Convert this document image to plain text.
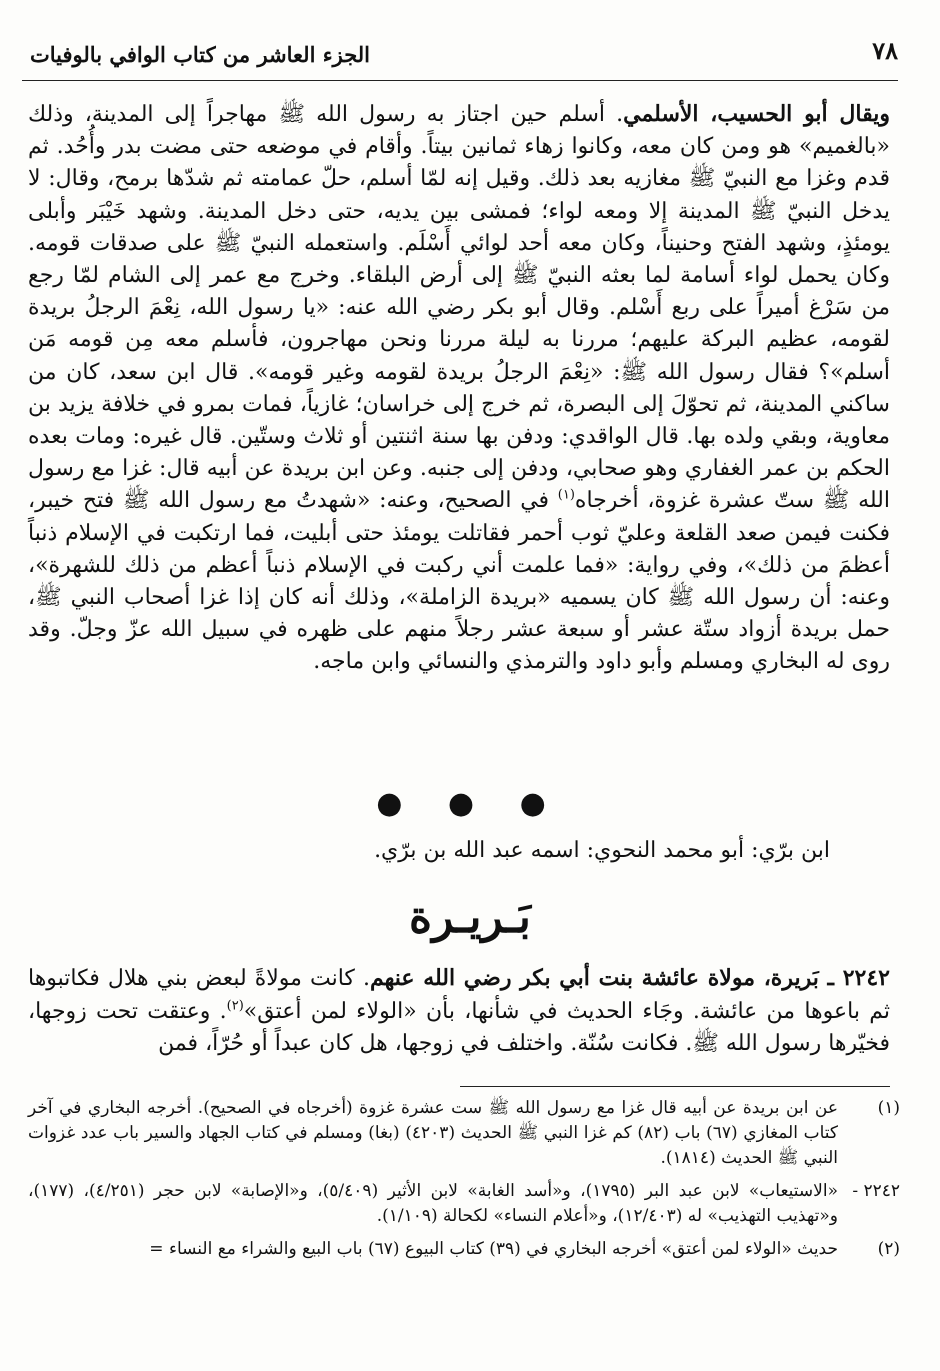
٧٨
الجزء العاشر من كتاب الوافي بالوفيات

ويقال أبو الحسيب، الأسلمي. أسلم حين اجتاز به رسول الله ﷺ مهاجراً إلى المدينة، وذلك «بالغميم» هو ومن كان معه، وكانوا زهاء ثمانين بيتاً. وأقام في موضعه حتى مضت بدر وأُحُد. ثم قدم وغزا مع النبيّ ﷺ مغازيه بعد ذلك. وقيل إنه لمّا أسلم، حلّ عمامته ثم شدّها برمح، وقال: لا يدخل النبيّ ﷺ المدينة إلا ومعه لواء؛ فمشى بين يديه، حتى دخل المدينة. وشهد خَيْبَر وأبلى يومئذٍ، وشهد الفتح وحنيناً، وكان معه أحد لوائي أَسْلَم. واستعمله النبيّ ﷺ على صدقات قومه. وكان يحمل لواء أسامة لما بعثه النبيّ ﷺ إلى أرض البلقاء. وخرج مع عمر إلى الشام لمّا رجع من سَرْغ أميراً على ربع أَسْلم. وقال أبو بكر رضي الله عنه: «يا رسول الله، نِعْمَ الرجلُ بريدة لقومه، عظيم البركة عليهم؛ مررنا به ليلة مررنا ونحن مهاجرون، فأسلم معه مِن قومه مَن أسلم»؟ فقال رسول الله ﷺ: «نِعْمَ الرجلُ بريدة لقومه وغير قومه». قال ابن سعد، كان من ساكني المدينة، ثم تحوّلَ إلى البصرة، ثم خرج إلى خراسان؛ غازياً، فمات بمرو في خلافة يزيد بن معاوية، وبقي ولده بها. قال الواقدي: ودفن بها سنة اثنتين أو ثلاث وستّين. قال غيره: ومات بعده الحكم بن عمر الغفاري وهو صحابي، ودفن إلى جنبه. وعن ابن بريدة عن أبيه قال: غزا مع رسول الله ﷺ ستّ عشرة غزوة، أخرجاه$^{(١)}$ في الصحيح، وعنه: «شهدتُ مع رسول الله ﷺ فتح خيبر، فكنت فيمن صعد القلعة وعليّ ثوب أحمر فقاتلت يومئذ حتى أبليت، فما ارتكبت في الإسلام ذنباً أعظمَ من ذلك»، وفي رواية: «فما علمت أني ركبت في الإسلام ذنباً أعظم من ذلك للشهرة»، وعنه: أن رسول الله ﷺ كان يسميه «بريدة الزاملة»، وذلك أنه كان إذا غزا أصحاب النبي ﷺ، حمل بريدة أزواد ستّة عشر أو سبعة عشر رجلاً منهم على ظهره في سبيل الله عزّ وجلّ. وقد روى له البخاري ومسلم وأبو داود والترمذي والنسائي وابن ماجه.

● ● ●
ابن برّي: أبو محمد النحوي: اسمه عبد الله بن برّي.
بَـريـرة

٢٢٤٢ ـ بَريرة، مولاة عائشة بنت أبي بكر رضي الله عنهم. كانت مولاةً لبعض بني هلال فكاتبوها ثم باعوها من عائشة. وجَاء الحديث في شأنها، بأن «الولاء لمن أعتق»$^{(٢)}$. وعتقت تحت زوجها، فخيّرها رسول الله ﷺ. فكانت سُنّة. واختلف في زوجها، هل كان عبداً أو حُرّاً، فمن

(١)
عن ابن بريدة عن أبيه قال غزا مع رسول الله ﷺ ست عشرة غزوة (أخرجاه في الصحيح). أخرجه البخاري في آخر كتاب المغازي (٦٧) باب (٨٢) كم غزا النبي ﷺ الحديث (٤٢٠٣) (بغا) ومسلم في كتاب الجهاد والسير باب عدد غزوات النبي ﷺ الحديث (١٨١٤).
٢٢٤٢ -
«الاستيعاب» لابن عبد البر (١٧٩٥)، و«أسد الغابة» لابن الأثير (٥/٤٠٩)، و«الإصابة» لابن حجر (٤/٢٥١)، (١٧٧)، و«تهذيب التهذيب» له (١٢/٤٠٣)، و«أعلام النساء» لكحالة (١/١٠٩).
(٢)
حديث «الولاء لمن أعتق» أخرجه البخاري في (٣٩) كتاب البيوع (٦٧) باب البيع والشراء مع النساء =
